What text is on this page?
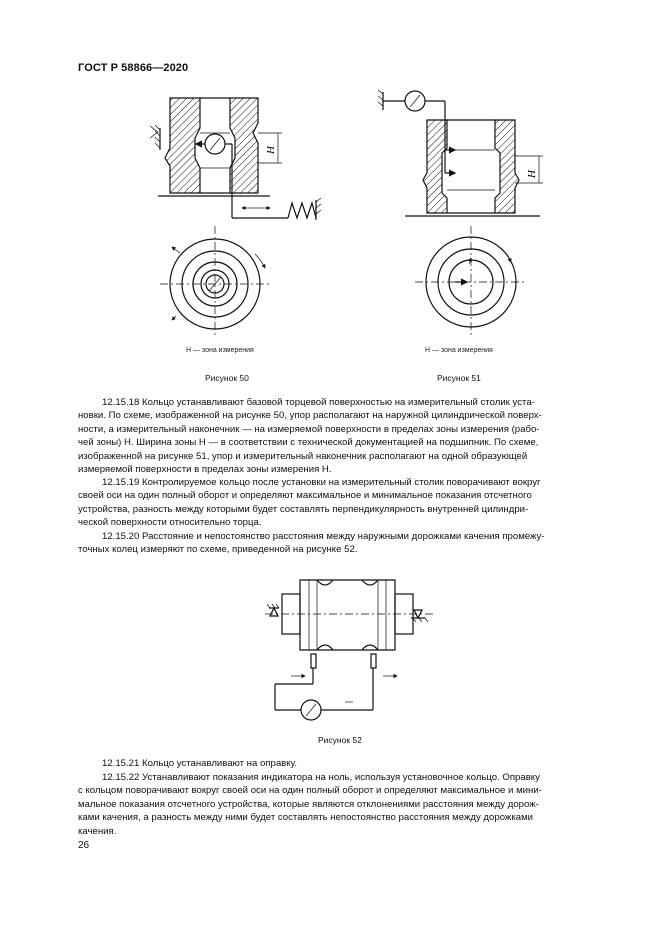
ГОСТ Р 58866—2020
H
H — зона измерения
Рисунок 50
H
H — зона измерения
Рисунок 51
12.15.18 Кольцо устанавливают базовой торцевой поверхностью на измерительный столик уста-
новки. По схеме, изображенной на рисунке 50, упор располагают на наружной цилиндрической поверх-
ности, а измерительный наконечник — на измеряемой поверхности в пределах зоны измерения (рабо-
чей зоны) H. Ширина зоны H — в соответствии с технической документацией на подшипник. По схеме,
изображенной на рисунке 51, упор и измерительный наконечник располагают на одной образующей
измеряемой поверхности в пределах зоны измерения H.
12.15.19 Контролируемое кольцо после установки на измерительный столик поворачивают вокруг
своей оси на один полный оборот и определяют максимальное и минимальное показания отсчетного
устройства, разность между которыми будет составлять перпендикулярность внутренней цилиндри-
ческой поверхности относительно торца.
12.15.20 Расстояние и непостоянство расстояния между наружными дорожками качения промежу-
точных колец измеряют по схеме, приведенной на рисунке 52.
Рисунок 52
12.15.21 Кольцо устанавливают на оправку.
12.15.22 Устанавливают показания индикатора на ноль, используя установочное кольцо. Оправку
с кольцом поворачивают вокруг своей оси на один полный оборот и определяют максимальное и мини-
мальное показания отсчетного устройства, которые являются отклонениями расстояния между дорож-
ками качения, а разность между ними будет составлять непостоянство расстояния между дорожками
качения.
26
